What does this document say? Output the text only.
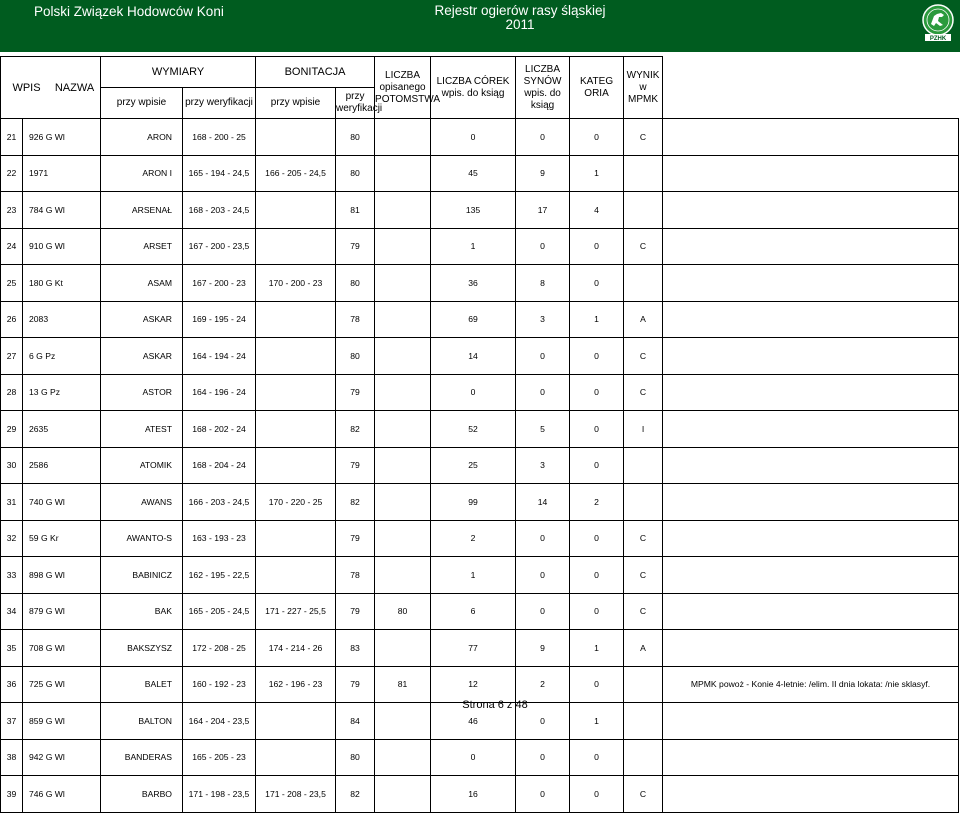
Polski Związek Hodowców Koni	Rejestr ogierów rasy śląskiej
2011
PZHK
WPIS NAZWA		WYMIARY		BONITACJA		LICZBA opisanego POTOMSTWA	LICZBA CÓREK wpis. do ksiąg	LICZBA SYNÓW wpis. do ksiąg	KATEG ORIA	WYNIK w MPMK	
		przy wpisie	przy weryfikacji	przy wpisie	przy weryfikacji						
21	926 G Wl	ARON	168 - 200 - 25		80		0	0	0	C	
22	1971	ARON I	165 - 194 - 24,5	166 - 205 - 24,5	80		45	9	1		
23	784 G Wl	ARSENAŁ	168 - 203 - 24,5		81		135	17	4		
24	910 G Wl	ARSET	167 - 200 - 23,5		79		1	0	0	C	
25	180 G Kt	ASAM	167 - 200 - 23	170 - 200 - 23	80		36	8	0		
26	2083	ASKAR	169 - 195 - 24		78		69	3	1	A	
27	6 G Pz	ASKAR	164 - 194 - 24		80		14	0	0	C	
28	13 G Pz	ASTOR	164 - 196 - 24		79		0	0	0	C	
29	2635	ATEST	168 - 202 - 24		82		52	5	0	I	
30	2586	ATOMIK	168 - 204 - 24		79		25	3	0		
31	740 G Wl	AWANS	166 - 203 - 24,5	170 - 220 - 25	82		99	14	2		
32	59 G Kr	AWANTO-S	163 - 193 - 23		79		2	0	0	C	
33	898 G Wl	BABINICZ	162 - 195 - 22,5		78		1	0	0	C	
34	879 G Wl	BAK	165 - 205 - 24,5	171 - 227 - 25,5	79	80	6	0	0	C	
35	708 G Wl	BAKSZYSZ	172 - 208 - 25	174 - 214 - 26	83		77	9	1	A	
36	725 G Wl	BALET	160 - 192 - 23	162 - 196 - 23	79	81	12	2	0		MPMK powoż - Konie 4-letnie: /elim. II dnia lokata: /nie sklasyf.
37	859 G Wl	BALTON	164 - 204 - 23,5		84		46	0	1		
38	942 G Wl	BANDERAS	165 - 205 - 23		80		0	0	0		
39	746 G Wl	BARBO	171 - 198 - 23,5	171 - 208 - 23,5	82		16	0	0	C	
Strona 6 z 48
